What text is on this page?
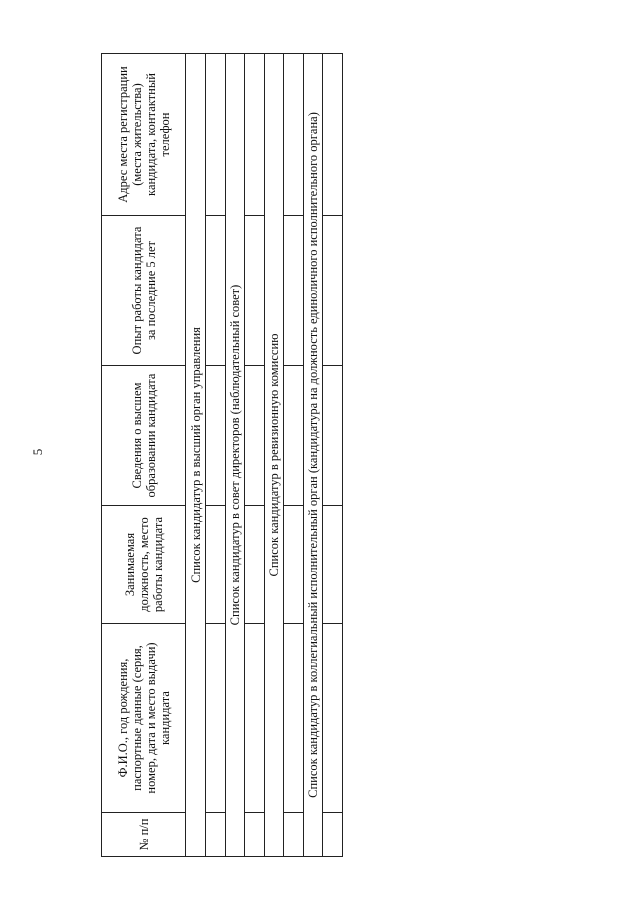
5
№ п/п	Ф.И.О., год рождения, паспортные данные (серия, номер, дата и место выдачи) кандидата	Занимаемая должность, место работы кандидата	Сведения о высшем образовании кандидата	Опыт работы кандидата за последние 5 лет	Адрес места регистрации (места жительства) кандидата, контактный телефон
Список кандидатур в высший орган управления					

Список кандидатур в совет директоров (наблюдательный совет)					

Список кандидатур в ревизионную комиссию					

Список кандидатур в коллегиальный исполнительный орган (кандидатура на должность единоличного исполнительного органа)					
